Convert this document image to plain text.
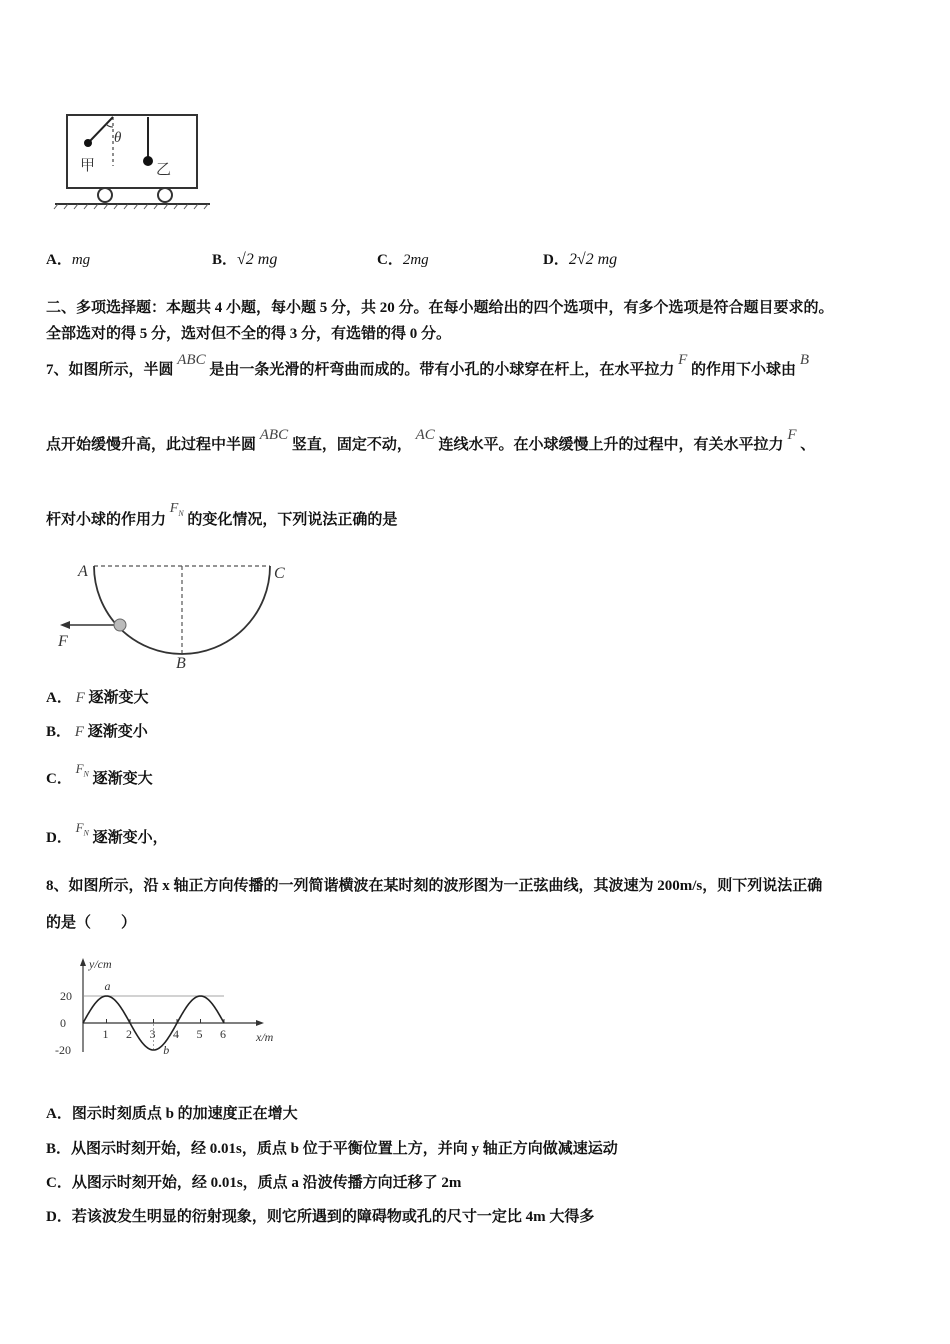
θ
甲	乙
A．mg	B．√2 mg	C．2mg	D．2√2 mg
二、多项选择题：本题共 4 小题，每小题 5 分，共 20 分。在每小题给出的四个选项中，有多个选项是符合题目要求的。
全部选对的得 5 分，选对但不全的得 3 分，有选错的得 0 分。
7、如图所示，半圆 ABC 是由一条光滑的杆弯曲而成的。带有小孔的小球穿在杆上，在水平拉力 F 的作用下小球由 B
点开始缓慢升高，此过程中半圆 ABC 竖直，固定不动， AC 连线水平。在小球缓慢上升的过程中，有关水平拉力 F 、
杆对小球的作用力 $F_N$ 的变化情况，下列说法正确的是
A	C
B
F
A． F 逐渐变大
B． F 逐渐变小
C． $F_N$ 逐渐变大
D． $F_N$ 逐渐变小，
8、如图所示，沿 x 轴正方向传播的一列简谐横波在某时刻的波形图为一正弦曲线，其波速为 200m/s，则下列说法正确
的是（　　）
1 2 3 4 5 6
20
0
-20
y/cm
x/m
a
b
A．图示时刻质点 b 的加速度正在增大
B．从图示时刻开始，经 0.01s，质点 b 位于平衡位置上方，并向 y 轴正方向做减速运动
C．从图示时刻开始，经 0.01s，质点 a 沿波传播方向迁移了 2m
D．若该波发生明显的衍射现象，则它所遇到的障碍物或孔的尺寸一定比 4m 大得多
